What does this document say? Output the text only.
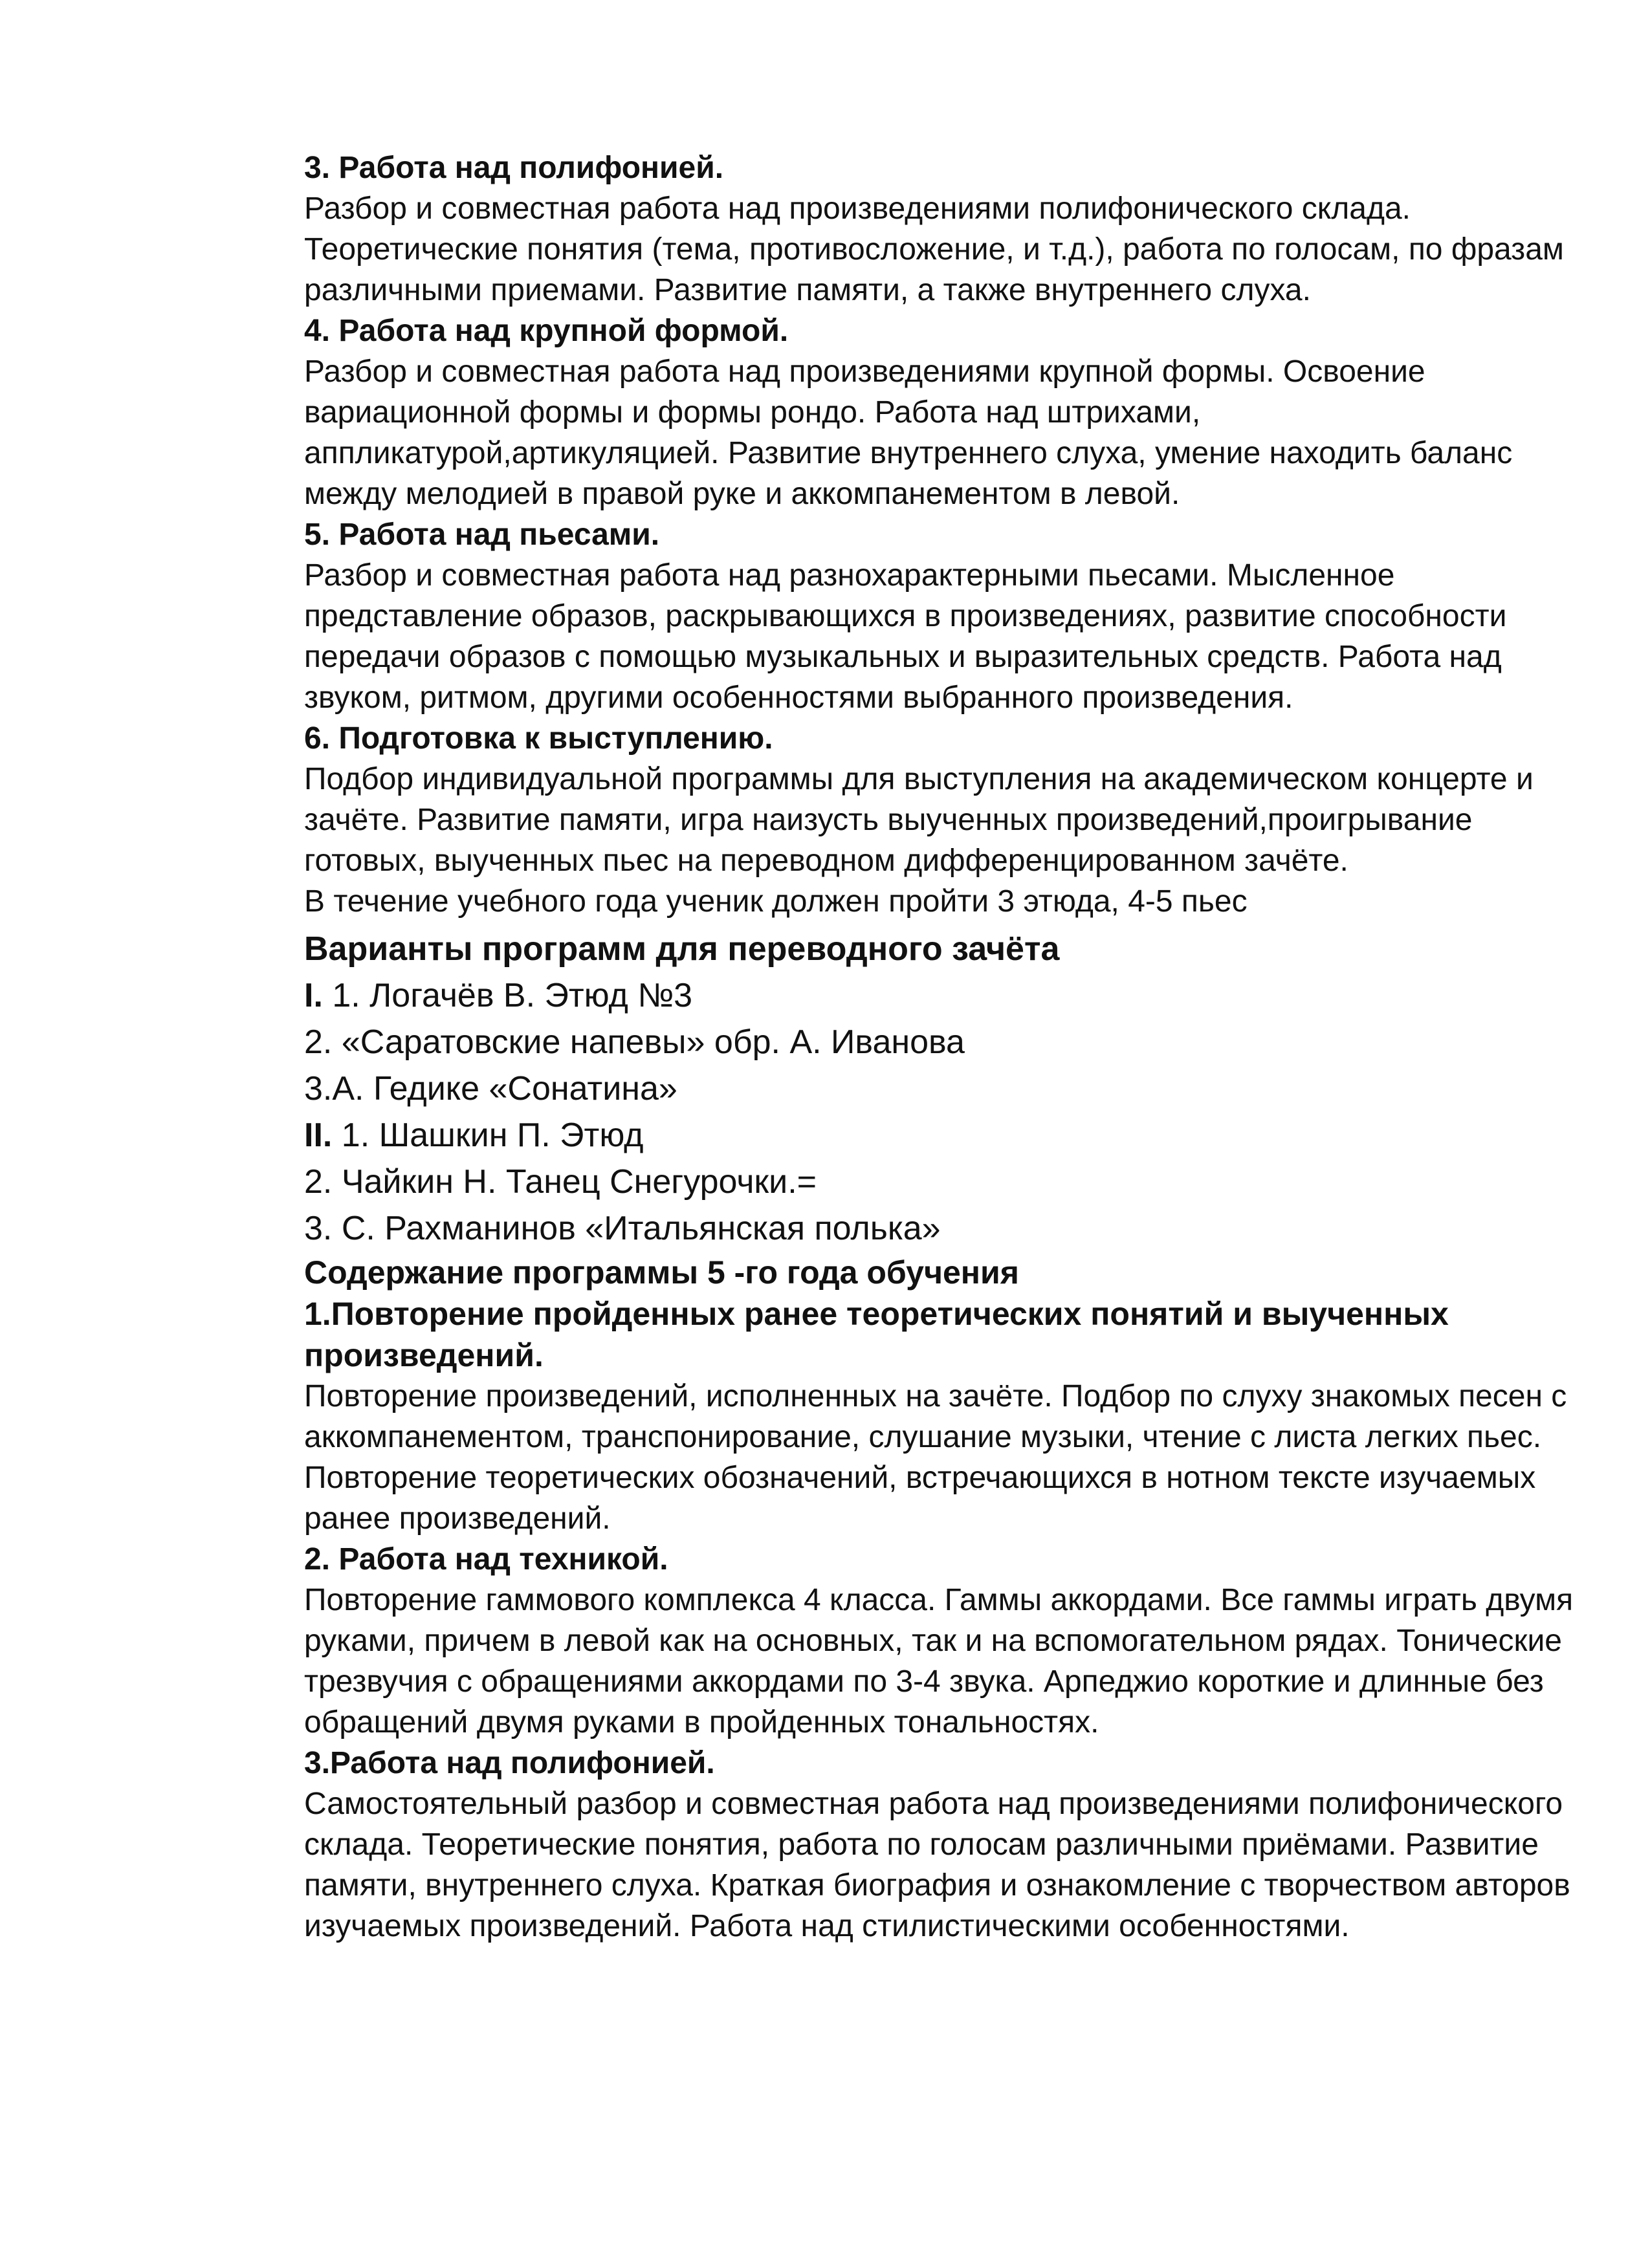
3. Работа над полифонией.

Разбор и совместная работа над произведениями полифонического склада. Теоретические понятия (тема, противосложение, и т.д.), работа по голосам, по фразам различными приемами. Развитие памяти, а также внутреннего слуха.

4. Работа над крупной формой.

Разбор и совместная работа над произведениями крупной формы. Освоение вариационной формы и формы рондо. Работа над штрихами, аппликатурой,артикуляцией. Развитие внутреннего слуха, умение находить баланс между мелодией в правой руке и аккомпанементом в левой.

5. Работа над пьесами.

Разбор и совместная работа над разнохарактерными пьесами. Мысленное представление образов, раскрывающихся в произведениях, развитие способности передачи образов с помощью музыкальных и выразительных средств. Работа над звуком, ритмом, другими особенностями выбранного произведения.

6. Подготовка к выступлению.

Подбор индивидуальной программы для выступления на академическом концерте и зачёте. Развитие памяти, игра наизусть выученных произведений,проигрывание готовых, выученных пьес на переводном дифференцированном зачёте.

В течение учебного года ученик должен пройти 3 этюда, 4-5 пьес

Варианты программ для переводного зачёта

I. 1. Логачёв В. Этюд №3

2. «Саратовские напевы» обр. А. Иванова

3.А. Гедике «Сонатина»

II. 1. Шашкин П. Этюд

2. Чайкин Н. Танец Снегурочки.=

3. С. Рахманинов «Итальянская полька»

Содержание программы 5 -го года обучения

1.Повторение пройденных ранее теоретических понятий и выученных произведений.

Повторение произведений, исполненных на зачёте. Подбор по слуху знакомых песен с аккомпанементом, транспонирование, слушание музыки, чтение с листа легких пьес. Повторение теоретических обозначений, встречающихся в нотном тексте изучаемых ранее произведений.

2. Работа над техникой.

Повторение гаммового комплекса 4 класса. Гаммы аккордами. Все гаммы играть двумя руками, причем в левой как на основных, так и на вспомогательном рядах. Тонические трезвучия с обращениями аккордами по 3-4 звука. Арпеджио короткие и длинные без обращений двумя руками в пройденных тональностях.

3.Работа над полифонией.

Самостоятельный разбор и совместная работа над произведениями полифонического склада. Теоретические понятия, работа по голосам различными приёмами. Развитие памяти, внутреннего слуха. Краткая биография и ознакомление с творчеством авторов изучаемых произведений. Работа над стилистическими особенностями.
